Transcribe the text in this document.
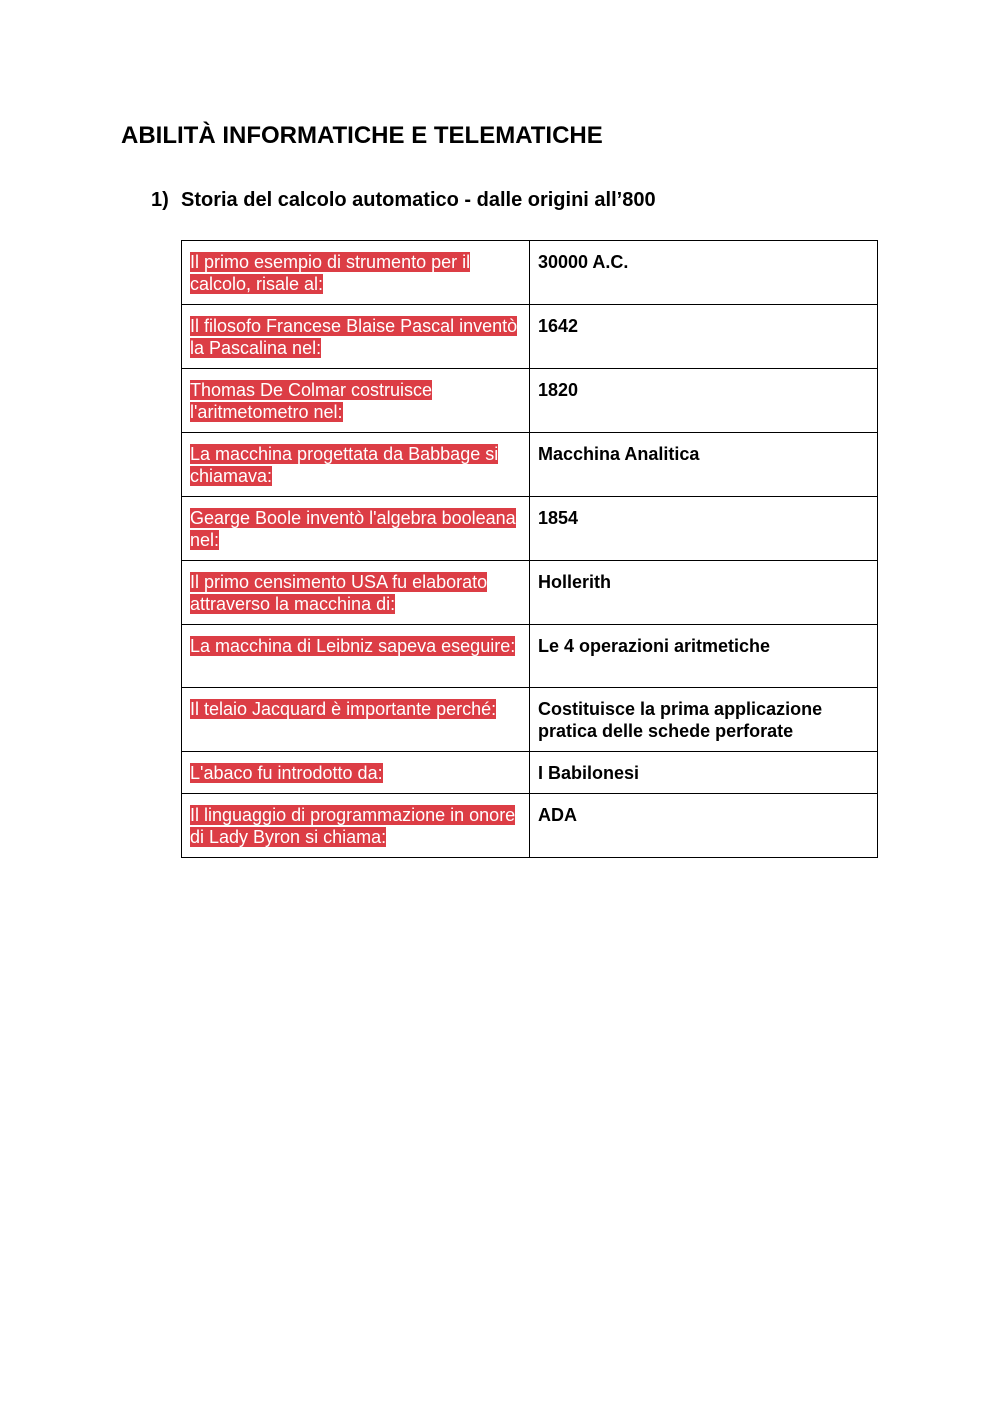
ABILITÀ INFORMATICHE E TELEMATICHE
1) Storia del calcolo automatico - dalle origini all’800
Il primo esempio di strumento per il calcolo, risale al:	30000 A.C.
Il filosofo Francese Blaise Pascal inventò la Pascalina nel:	1642
Thomas De Colmar costruisce l'aritmetometro nel:	1820
La macchina progettata da Babbage si chiamava:	Macchina Analitica
Gearge Boole inventò l'algebra booleana nel:	1854
Il primo censimento USA fu elaborato attraverso la macchina di:	Hollerith
La macchina di Leibniz sapeva eseguire:	Le 4 operazioni aritmetiche
Il telaio Jacquard è importante perché:	Costituisce la prima applicazione pratica delle schede perforate
L'abaco fu introdotto da:	I Babilonesi
Il linguaggio di programmazione in onore di Lady Byron si chiama:	ADA
